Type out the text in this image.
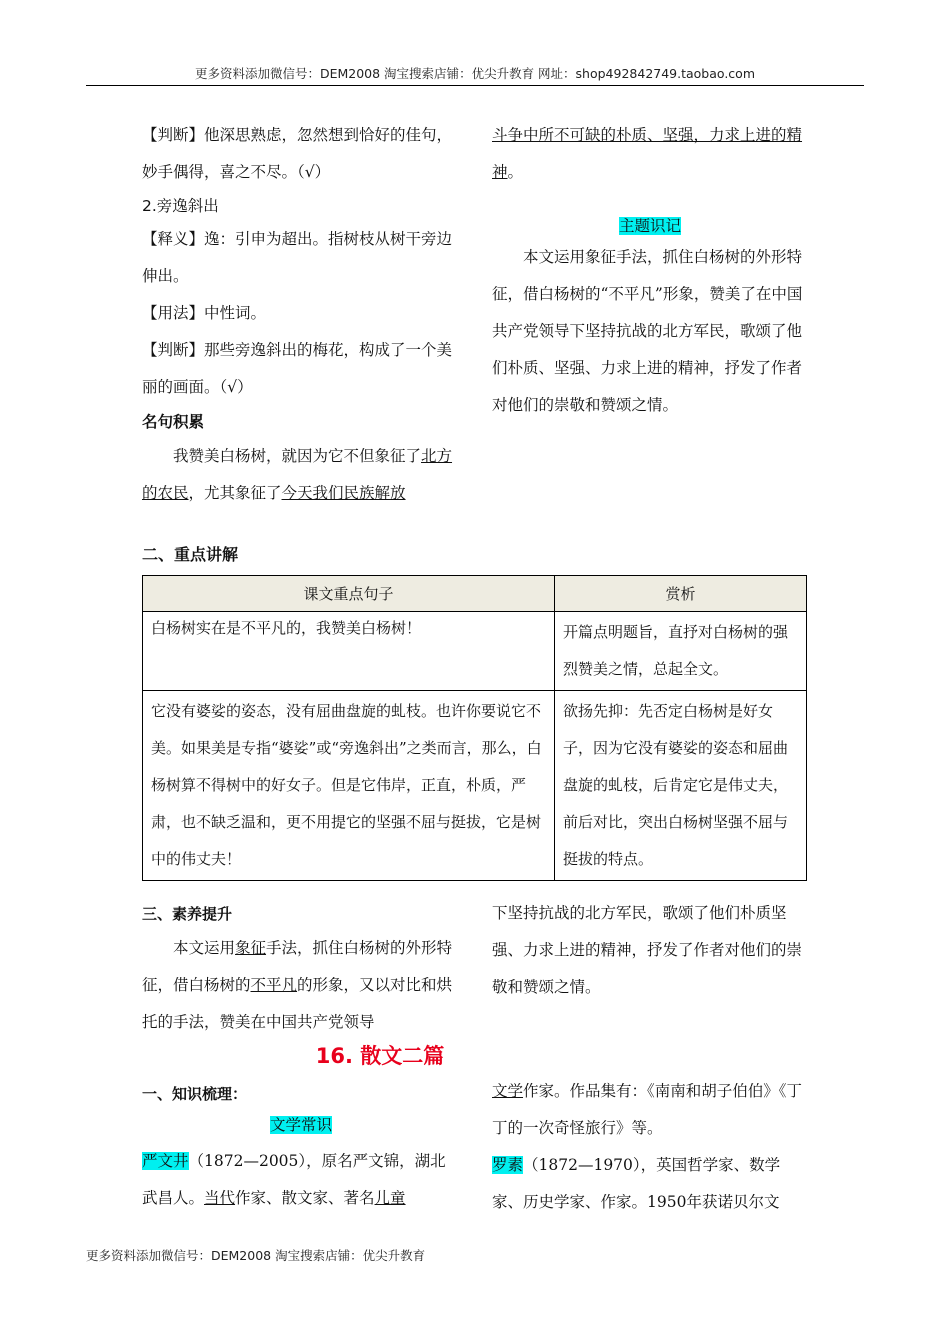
更多资料添加微信号：DEM2008 淘宝搜索店铺：优尖升教育 网址：shop492842749.taobao.com

【判断】他深思熟虑，忽然想到恰好的佳句，妙手偶得，喜之不尽。（√）

2.旁逸斜出

【释义】逸：引申为超出。指树枝从树干旁边伸出。

【用法】中性词。

【判断】那些旁逸斜出的梅花，构成了一个美丽的画面。（√）

名句积累

我赞美白杨树，就因为它不但象征了北方的农民，尤其象征了今天我们民族解放

斗争中所不可缺的朴质、坚强，力求上进的精神。

主题识记

本文运用象征手法，抓住白杨树的外形特征，借白杨树的“不平凡”形象，赞美了在中国共产党领导下坚持抗战的北方军民，歌颂了他们朴质、坚强、力求上进的精神，抒发了作者对他们的崇敬和赞颂之情。

二、重点讲解
课文重点句子	赏析
白杨树实在是不平凡的，我赞美白杨树！	开篇点明题旨，直抒对白杨树的强烈赞美之情，总起全文。
它没有婆娑的姿态，没有屈曲盘旋的虬枝。也许你要说它不美。如果美是专指“婆娑”或“旁逸斜出”之类而言，那么，白杨树算不得树中的好女子。但是它伟岸，正直，朴质，严肃，也不缺乏温和，更不用提它的坚强不屈与挺拔，它是树中的伟丈夫！	欲扬先抑：先否定白杨树是好女子，因为它没有婆娑的姿态和屈曲盘旋的虬枝，后肯定它是伟丈夫，前后对比，突出白杨树坚强不屈与挺拔的特点。
三、素养提升

本文运用象征手法，抓住白杨树的外形特征，借白杨树的不平凡的形象，又以对比和烘托的手法，赞美在中国共产党领导

下坚持抗战的北方军民，歌颂了他们朴质坚强、力求上进的精神，抒发了作者对他们的崇敬和赞颂之情。
16. 散文二篇
一、知识梳理：

文学常识

严文井（1872—2005），原名严文锦，湖北武昌人。当代作家、散文家、著名儿童

文学作家。作品集有：《南南和胡子伯伯》《丁丁的一次奇怪旅行》等。

罗素（1872—1970），英国哲学家、数学家、历史学家、作家。1950年获诺贝尔文

更多资料添加微信号：DEM2008 淘宝搜索店铺：优尖升教育
